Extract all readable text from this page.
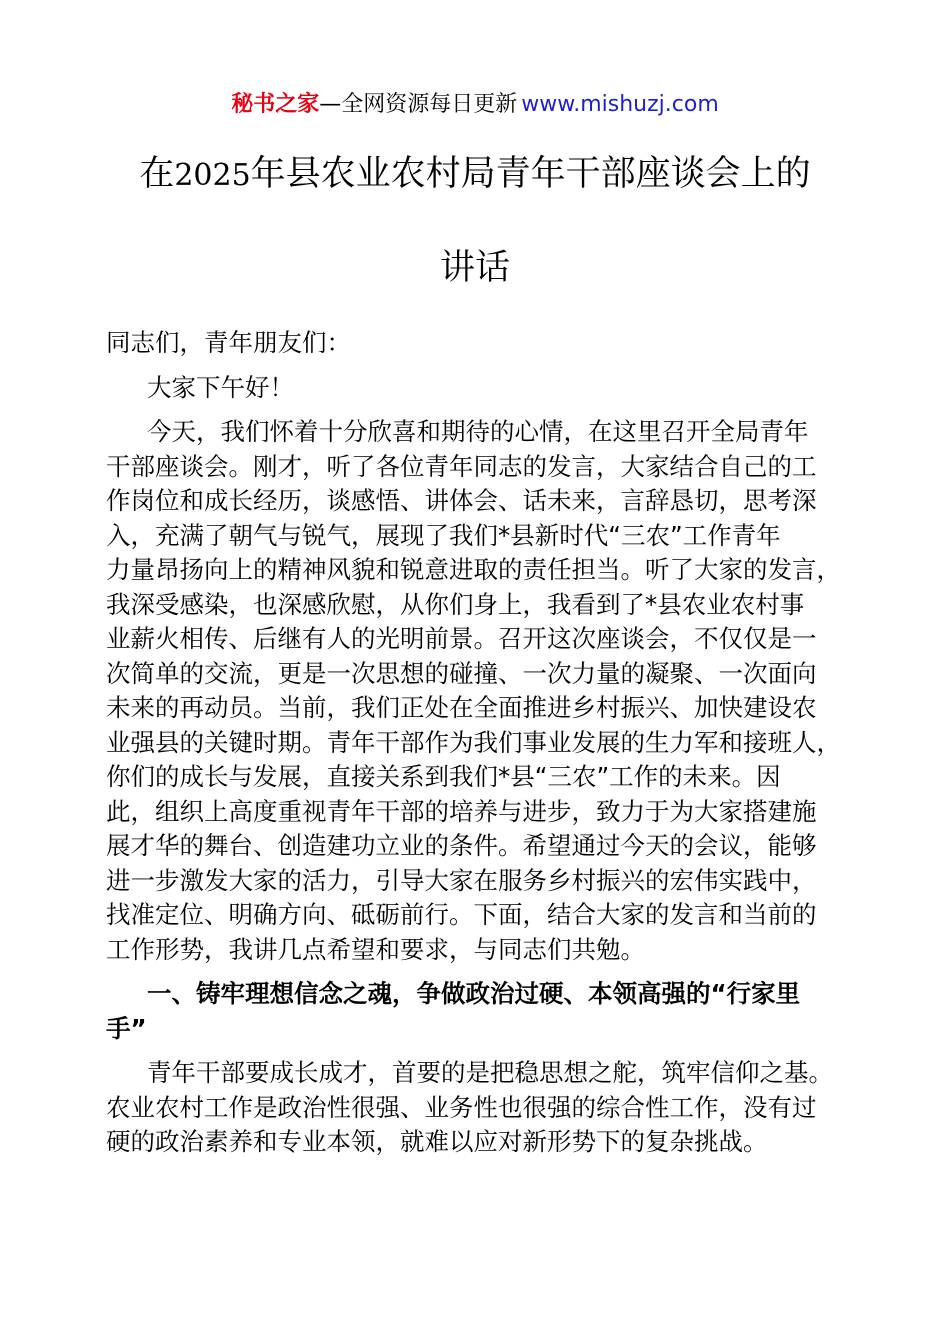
秘书之家—全网资源每日更新 www.mishuzj.com
在2025年县农业农村局青年干部座谈会上的
讲话
同志们，青年朋友们：
大家下午好！
今天，我们怀着十分欣喜和期待的心情，在这里召开全局青年
干部座谈会。刚才，听了各位青年同志的发言，大家结合自己的工
作岗位和成长经历，谈感悟、讲体会、话未来，言辞恳切，思考深
入，充满了朝气与锐气，展现了我们*县新时代“三农”工作青年
力量昂扬向上的精神风貌和锐意进取的责任担当。听了大家的发言，
我深受感染，也深感欣慰，从你们身上，我看到了*县农业农村事
业薪火相传、后继有人的光明前景。召开这次座谈会，不仅仅是一
次简单的交流，更是一次思想的碰撞、一次力量的凝聚、一次面向
未来的再动员。当前，我们正处在全面推进乡村振兴、加快建设农
业强县的关键时期。青年干部作为我们事业发展的生力军和接班人，
你们的成长与发展，直接关系到我们*县“三农”工作的未来。因
此，组织上高度重视青年干部的培养与进步，致力于为大家搭建施
展才华的舞台、创造建功立业的条件。希望通过今天的会议，能够
进一步激发大家的活力，引导大家在服务乡村振兴的宏伟实践中，
找准定位、明确方向、砥砺前行。下面，结合大家的发言和当前的
工作形势，我讲几点希望和要求，与同志们共勉。
一、铸牢理想信念之魂，争做政治过硬、本领高强的“行家里
手”
青年干部要成长成才，首要的是把稳思想之舵，筑牢信仰之基。
农业农村工作是政治性很强、业务性也很强的综合性工作，没有过
硬的政治素养和专业本领，就难以应对新形势下的复杂挑战。
